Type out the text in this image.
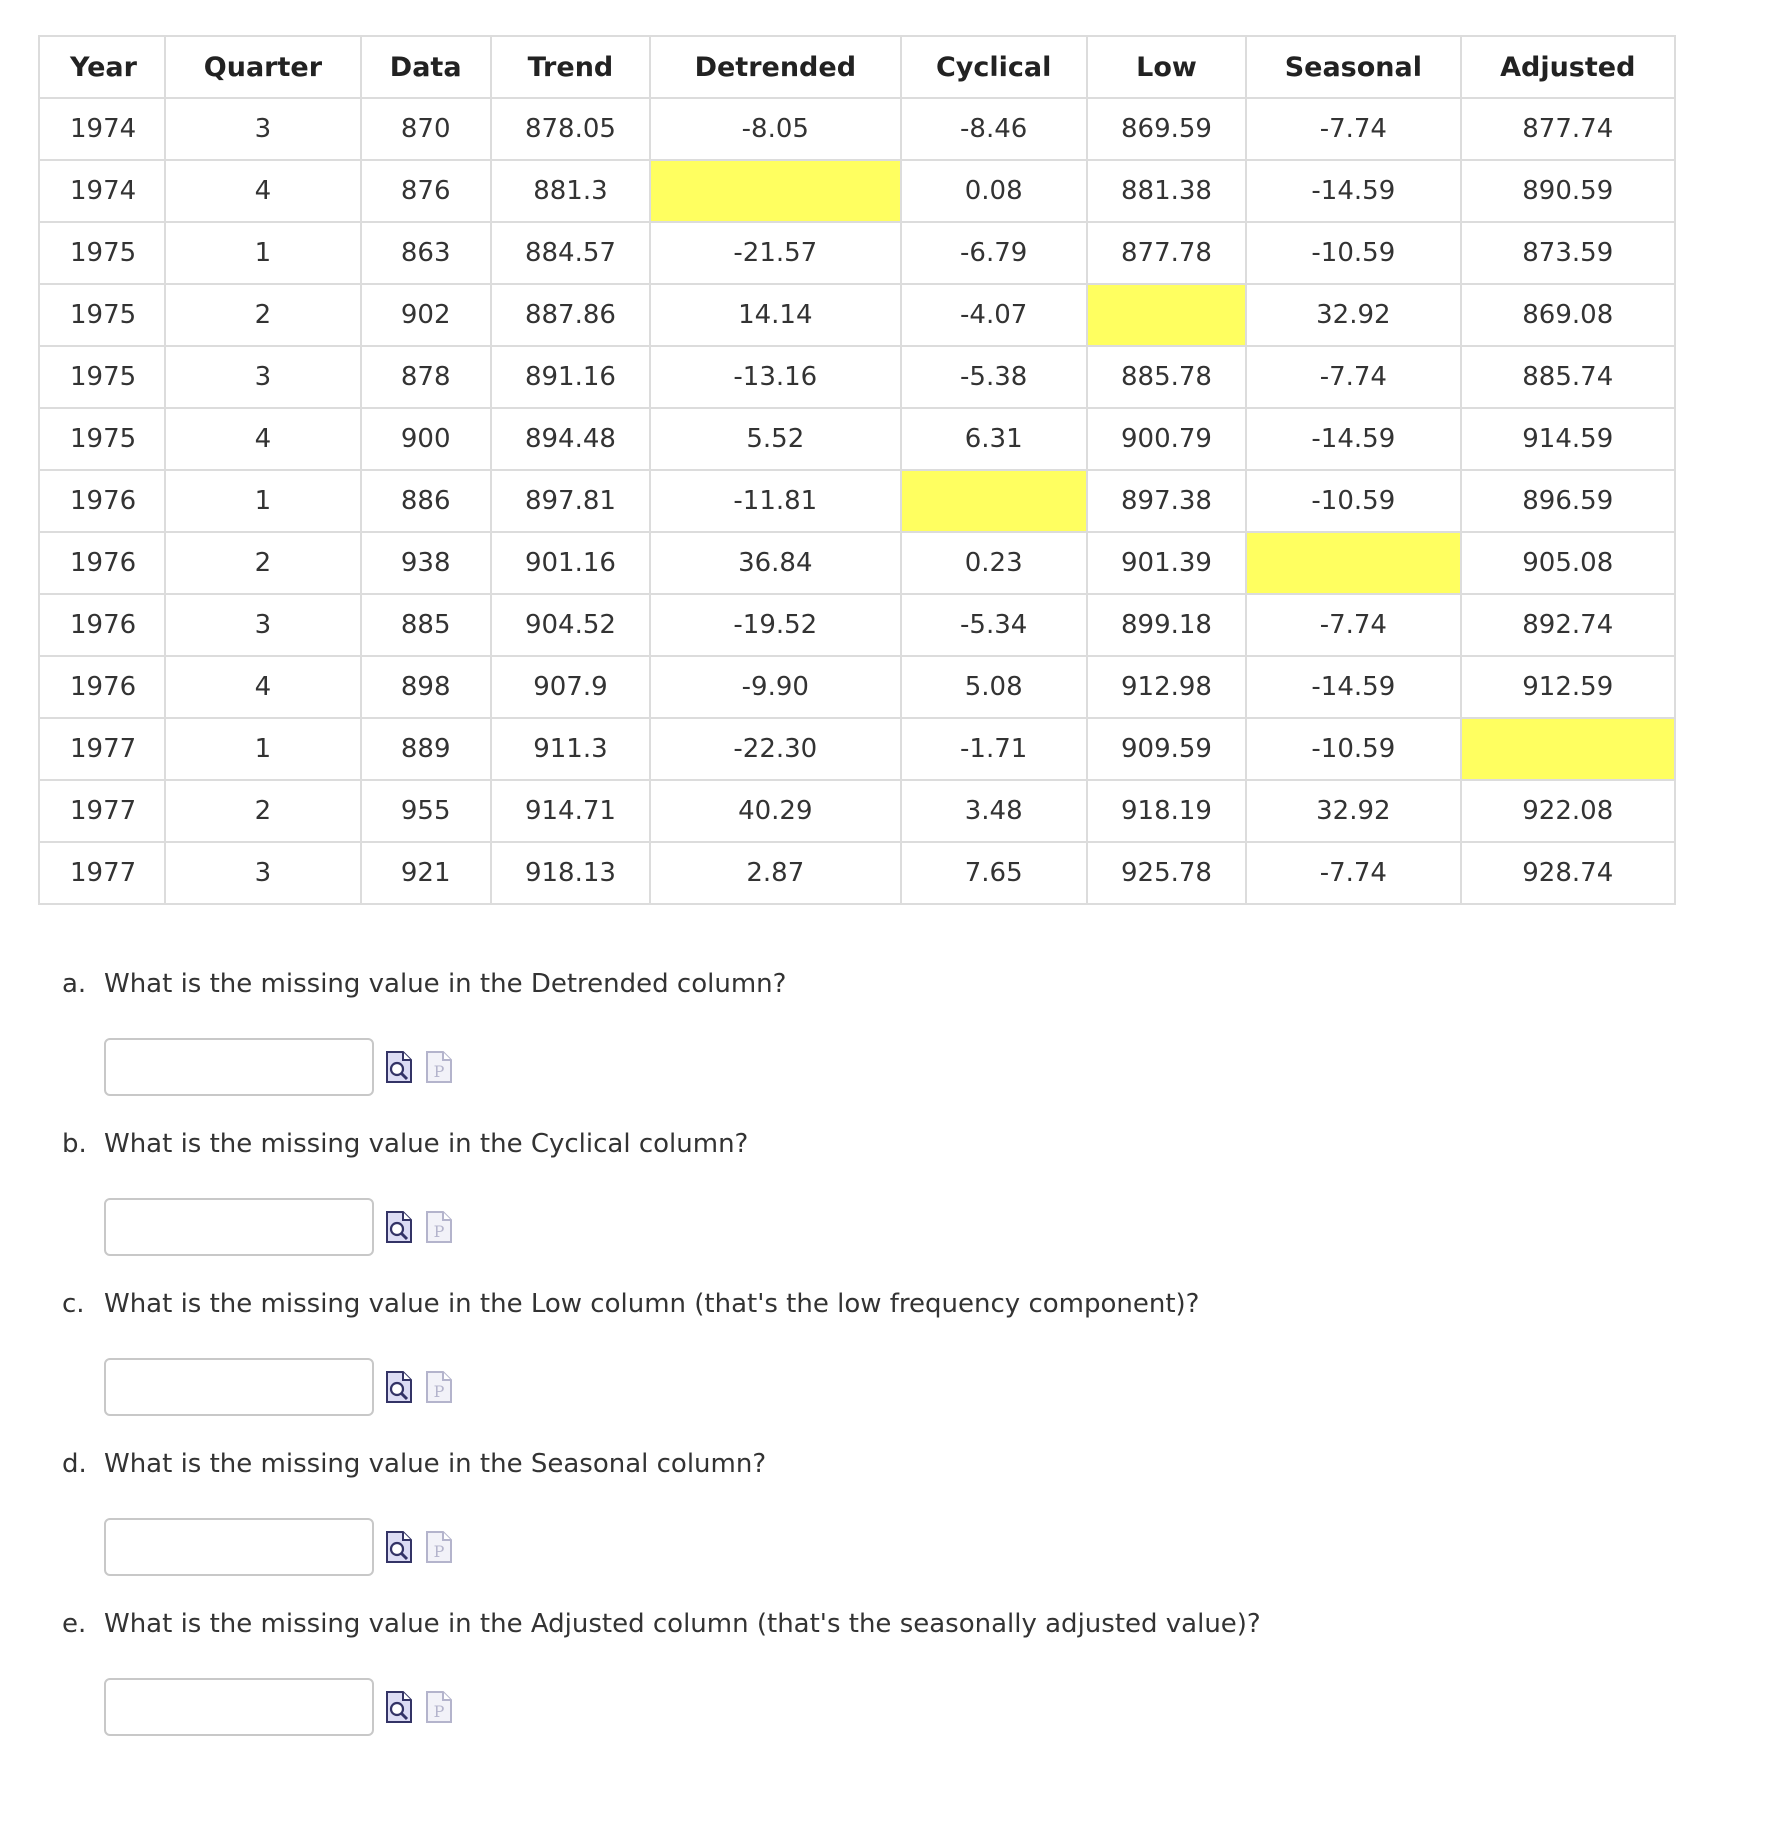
Year	Quarter	Data	Trend	Detrended	Cyclical	Low	Seasonal	Adjusted
1974	3	870	878.05	-8.05	-8.46	869.59	-7.74	877.74
1974	4	876	881.3		0.08	881.38	-14.59	890.59
1975	1	863	884.57	-21.57	-6.79	877.78	-10.59	873.59
1975	2	902	887.86	14.14	-4.07		32.92	869.08
1975	3	878	891.16	-13.16	-5.38	885.78	-7.74	885.74
1975	4	900	894.48	5.52	6.31	900.79	-14.59	914.59
1976	1	886	897.81	-11.81		897.38	-10.59	896.59
1976	2	938	901.16	36.84	0.23	901.39		905.08
1976	3	885	904.52	-19.52	-5.34	899.18	-7.74	892.74
1976	4	898	907.9	-9.90	5.08	912.98	-14.59	912.59
1977	1	889	911.3	-22.30	-1.71	909.59	-10.59	
1977	2	955	914.71	40.29	3.48	918.19	32.92	922.08
1977	3	921	918.13	2.87	7.65	925.78	-7.74	928.74
a. What is the missing value in the Detrended column?
P
b. What is the missing value in the Cyclical column?
P
c. What is the missing value in the Low column (that's the low frequency component)?
P
d. What is the missing value in the Seasonal column?
P
e. What is the missing value in the Adjusted column (that's the seasonally adjusted value)?
P
